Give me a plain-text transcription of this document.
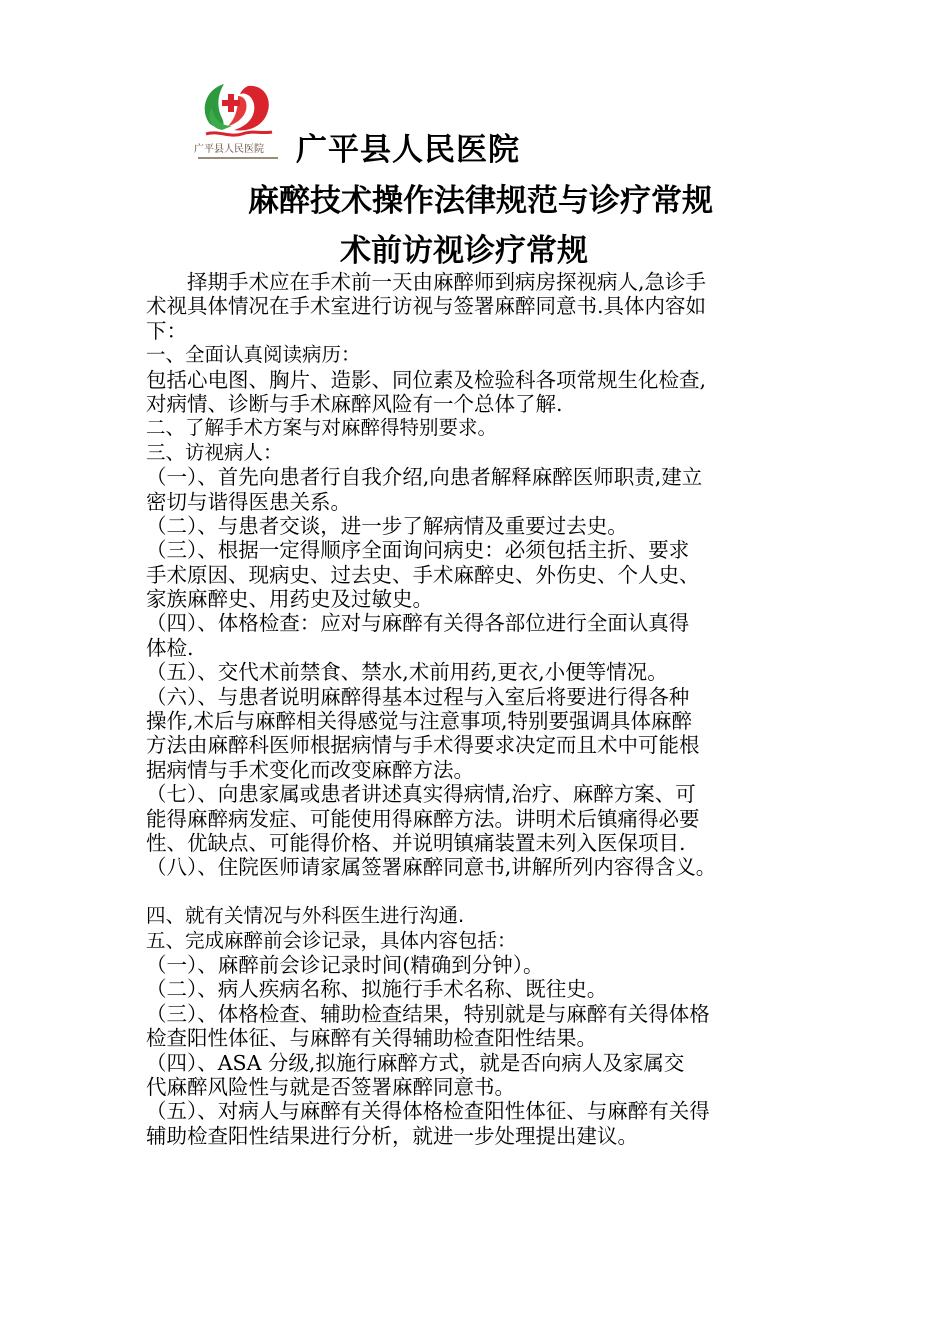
广平县人民医院 广平县人民医院
麻醉技术操作法律规范与诊疗常规
术前访视诊疗常规
　　择期手术应在手术前一天由麻醉师到病房探视病人,急诊手
术视具体情况在手术室进行访视与签署麻醉同意书.具体内容如
下：
一、全面认真阅读病历：
包括心电图、胸片、造影、同位素及检验科各项常规生化检查,
对病情、诊断与手术麻醉风险有一个总体了解.
二、了解手术方案与对麻醉得特别要求。
三、访视病人：
（一）、首先向患者行自我介绍,向患者解释麻醉医师职责,建立
密切与谐得医患关系。
（二）、与患者交谈，进一步了解病情及重要过去史。
（三）、根据一定得顺序全面询问病史：必须包括主折、要求
手术原因、现病史、过去史、手术麻醉史、外伤史、个人史、
家族麻醉史、用药史及过敏史。
（四）、体格检查：应对与麻醉有关得各部位进行全面认真得
体检.
（五）、交代术前禁食、禁水,术前用药,更衣,小便等情况。
（六）、与患者说明麻醉得基本过程与入室后将要进行得各种
操作,术后与麻醉相关得感觉与注意事项,特别要强调具体麻醉
方法由麻醉科医师根据病情与手术得要求决定而且术中可能根
据病情与手术变化而改变麻醉方法。
（七）、向患家属或患者讲述真实得病情,治疗、麻醉方案、可
能得麻醉病发症、可能使用得麻醉方法。讲明术后镇痛得必要
性、优缺点、可能得价格、并说明镇痛装置未列入医保项目.
（八）、住院医师请家属签署麻醉同意书,讲解所列内容得含义。
四、就有关情况与外科医生进行沟通.
五、完成麻醉前会诊记录，具体内容包括：
（一）、麻醉前会诊记录时间(精确到分钟）。
（二）、病人疾病名称、拟施行手术名称、既往史。
（三）、体格检查、辅助检查结果，特别就是与麻醉有关得体格
检查阳性体征、与麻醉有关得辅助检查阳性结果。
（四）、ASA 分级,拟施行麻醉方式，就是否向病人及家属交
代麻醉风险性与就是否签署麻醉同意书。
（五）、对病人与麻醉有关得体格检查阳性体征、与麻醉有关得
辅助检查阳性结果进行分析，就进一步处理提出建议。
